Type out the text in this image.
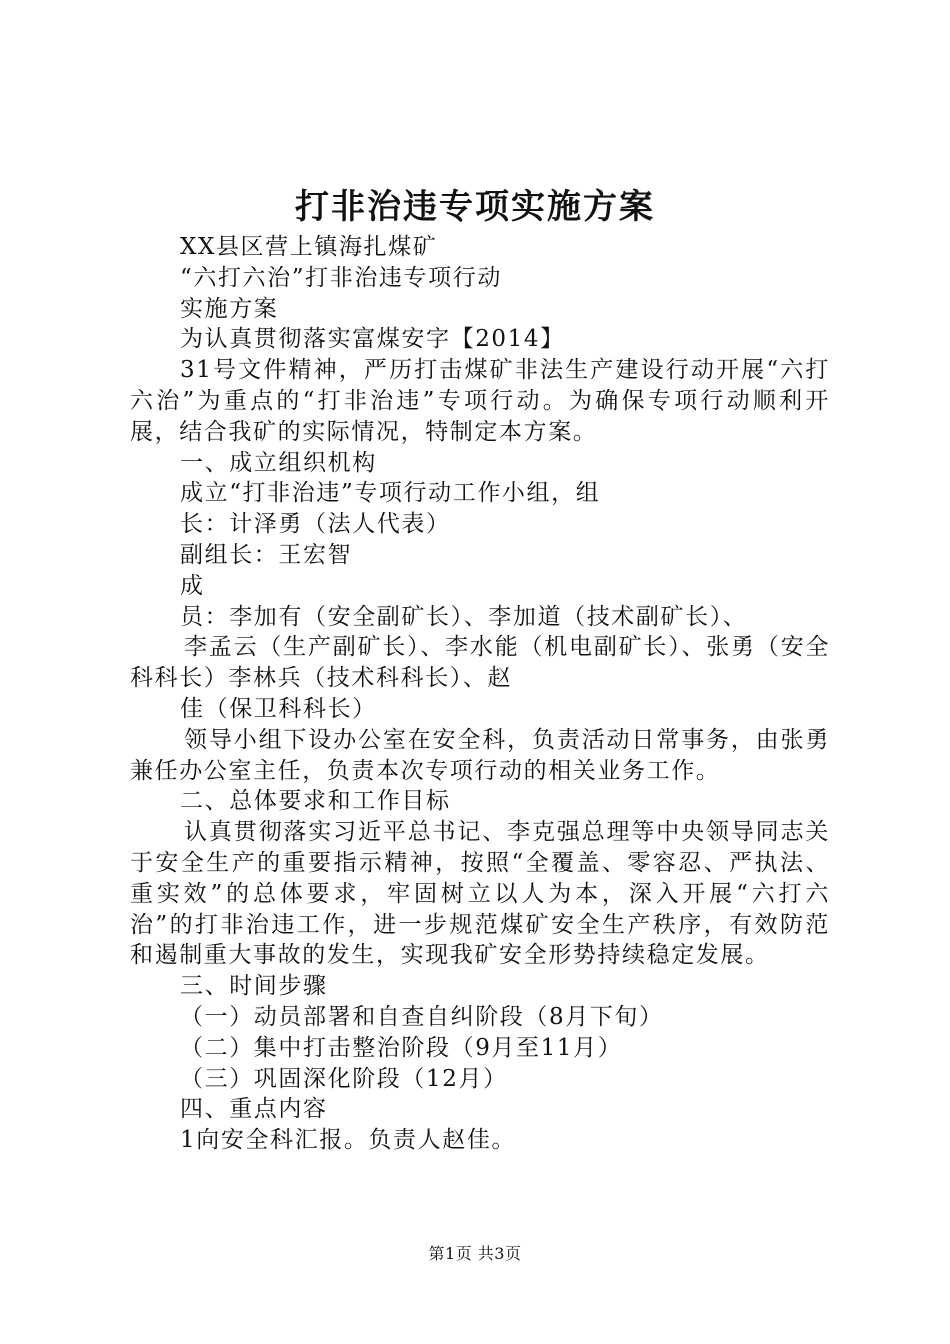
打非治违专项实施方案

XX县区营上镇海扎煤矿

“六打六治”打非治违专项行动

实施方案

为认真贯彻落实富煤安字【2014】

31号文件精神，严历打击煤矿非法生产建设行动开展“六打六治”为重点的“打非治违”专项行动。为确保专项行动顺利开展，结合我矿的实际情况，特制定本方案。

一、成立组织机构

成立“打非治违”专项行动工作小组，组

长：计泽勇（法人代表）

副组长：王宏智

成

员：李加有（安全副矿长）、李加道（技术副矿长）、

李孟云（生产副矿长）、李水能（机电副矿长）、张勇（安全科科长）李林兵（技术科科长）、赵

佳（保卫科科长）

领导小组下设办公室在安全科，负责活动日常事务，由张勇兼任办公室主任，负责本次专项行动的相关业务工作。

二、总体要求和工作目标

认真贯彻落实习近平总书记、李克强总理等中央领导同志关于安全生产的重要指示精神，按照“全覆盖、零容忍、严执法、重实效”的总体要求，牢固树立以人为本，深入开展“六打六治”的打非治违工作，进一步规范煤矿安全生产秩序，有效防范和遏制重大事故的发生，实现我矿安全形势持续稳定发展。

三、时间步骤

（一）动员部署和自查自纠阶段（8月下旬）

（二）集中打击整治阶段（9月至11月）

（三）巩固深化阶段（12月）

四、重点内容

1向安全科汇报。负责人赵佳。

第1页 共3页
